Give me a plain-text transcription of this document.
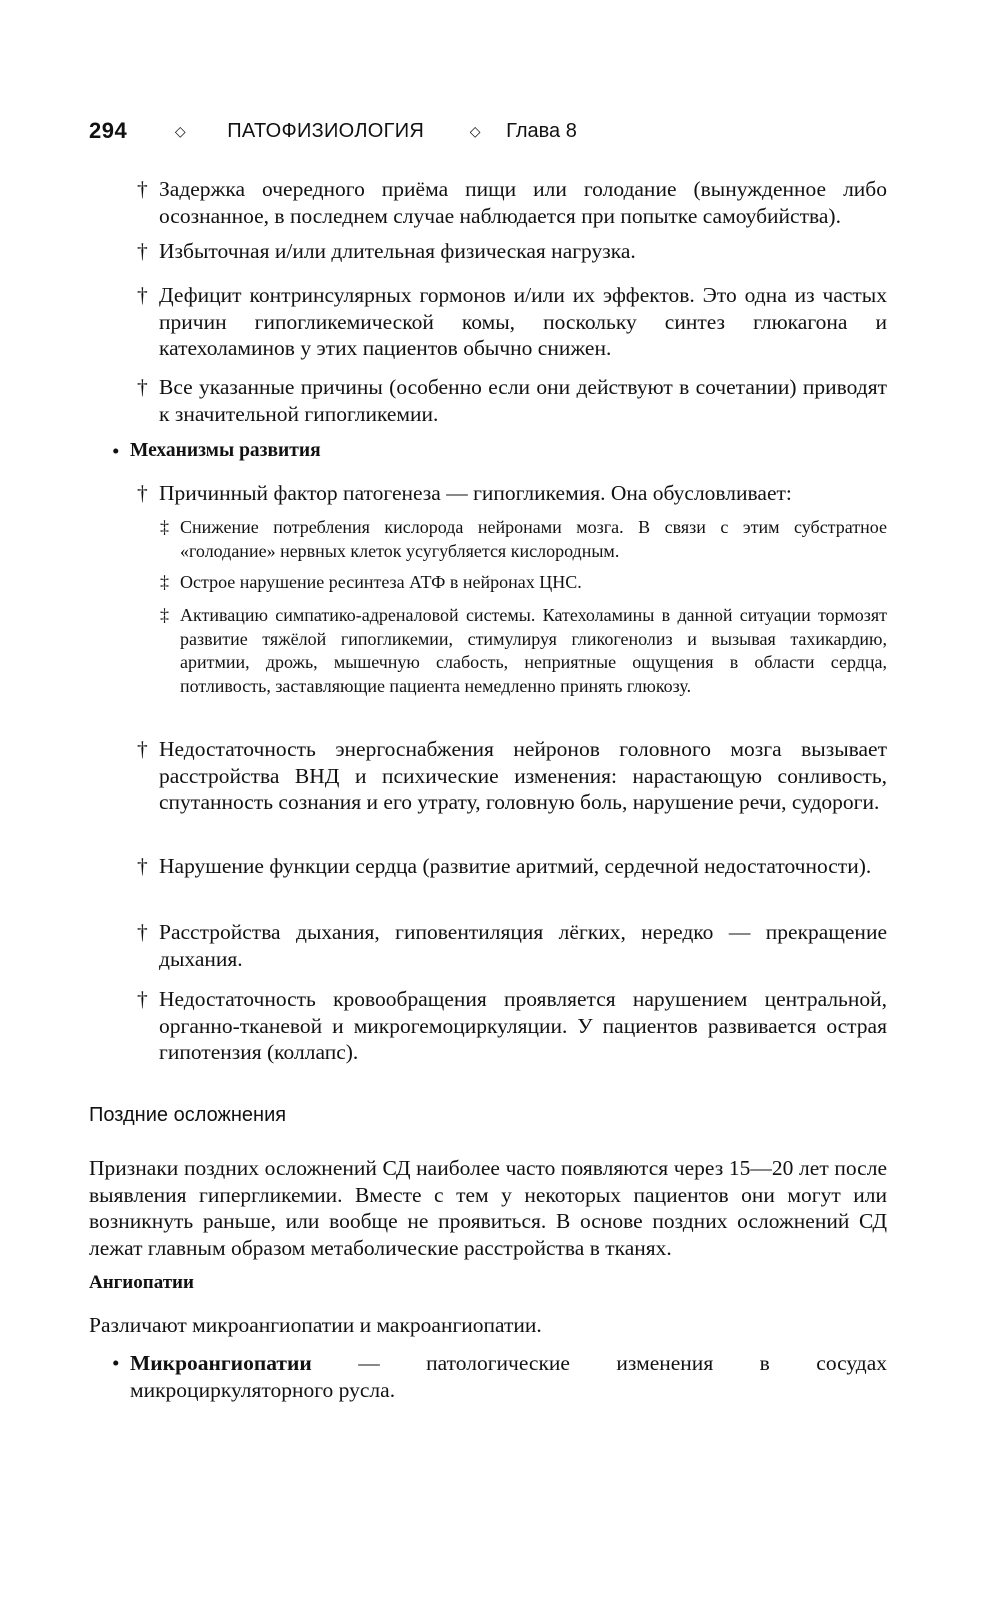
294	◇ ПАТОФИЗИОЛОГИЯ	◇ Глава 8
† Задержка очередного приёма пищи или голодание (вынужденное либо осознанное, в последнем случае наблюдается при попытке самоубийства).
† Избыточная и/или длительная физическая нагрузка.
† Дефицит контринсулярных гормонов и/или их эффектов. Это одна из частых причин гипогликемической комы, поскольку синтез глюкагона и катехоламинов у этих пациентов обычно снижен.
† Все указанные причины (особенно если они действуют в сочетании) приводят к значительной гипогликемии.
• Механизмы развития
† Причинный фактор патогенеза — гипогликемия. Она обусловливает:
‡ Снижение потребления кислорода нейронами мозга. В связи с этим субстратное «голодание» нервных клеток усугубляется кислородным.
‡ Острое нарушение ресинтеза АТФ в нейронах ЦНС.
‡ Активацию симпатико-адреналовой системы. Катехоламины в данной ситуации тормозят развитие тяжёлой гипогликемии, стимулируя гликогенолиз и вызывая тахикардию, аритмии, дрожь, мышечную слабость, неприятные ощущения в области сердца, потливость, заставляющие пациента немедленно принять глюкозу.
† Недостаточность энергоснабжения нейронов головного мозга вызывает расстройства ВНД и психические изменения: нарастающую сонливость, спутанность сознания и его утрату, головную боль, нарушение речи, судороги.
† Нарушение функции сердца (развитие аритмий, сердечной недостаточности).
† Расстройства дыхания, гиповентиляция лёгких, нередко — прекращение дыхания.
† Недостаточность кровообращения проявляется нарушением центральной, органно-тканевой и микрогемоциркуляции. У пациентов развивается острая гипотензия (коллапс).
Поздние осложнения
Признаки поздних осложнений СД наиболее часто появляются через 15—20 лет после выявления гипергликемии. Вместе с тем у некоторых пациентов они могут или возникнуть раньше, или вообще не проявиться. В основе поздних осложнений СД лежат главным образом метаболические расстройства в тканях.
Ангиопатии
Различают микроангиопатии и макроангиопатии.
• Микроангиопатии — патологические изменения в сосудах микроциркуляторного русла.
